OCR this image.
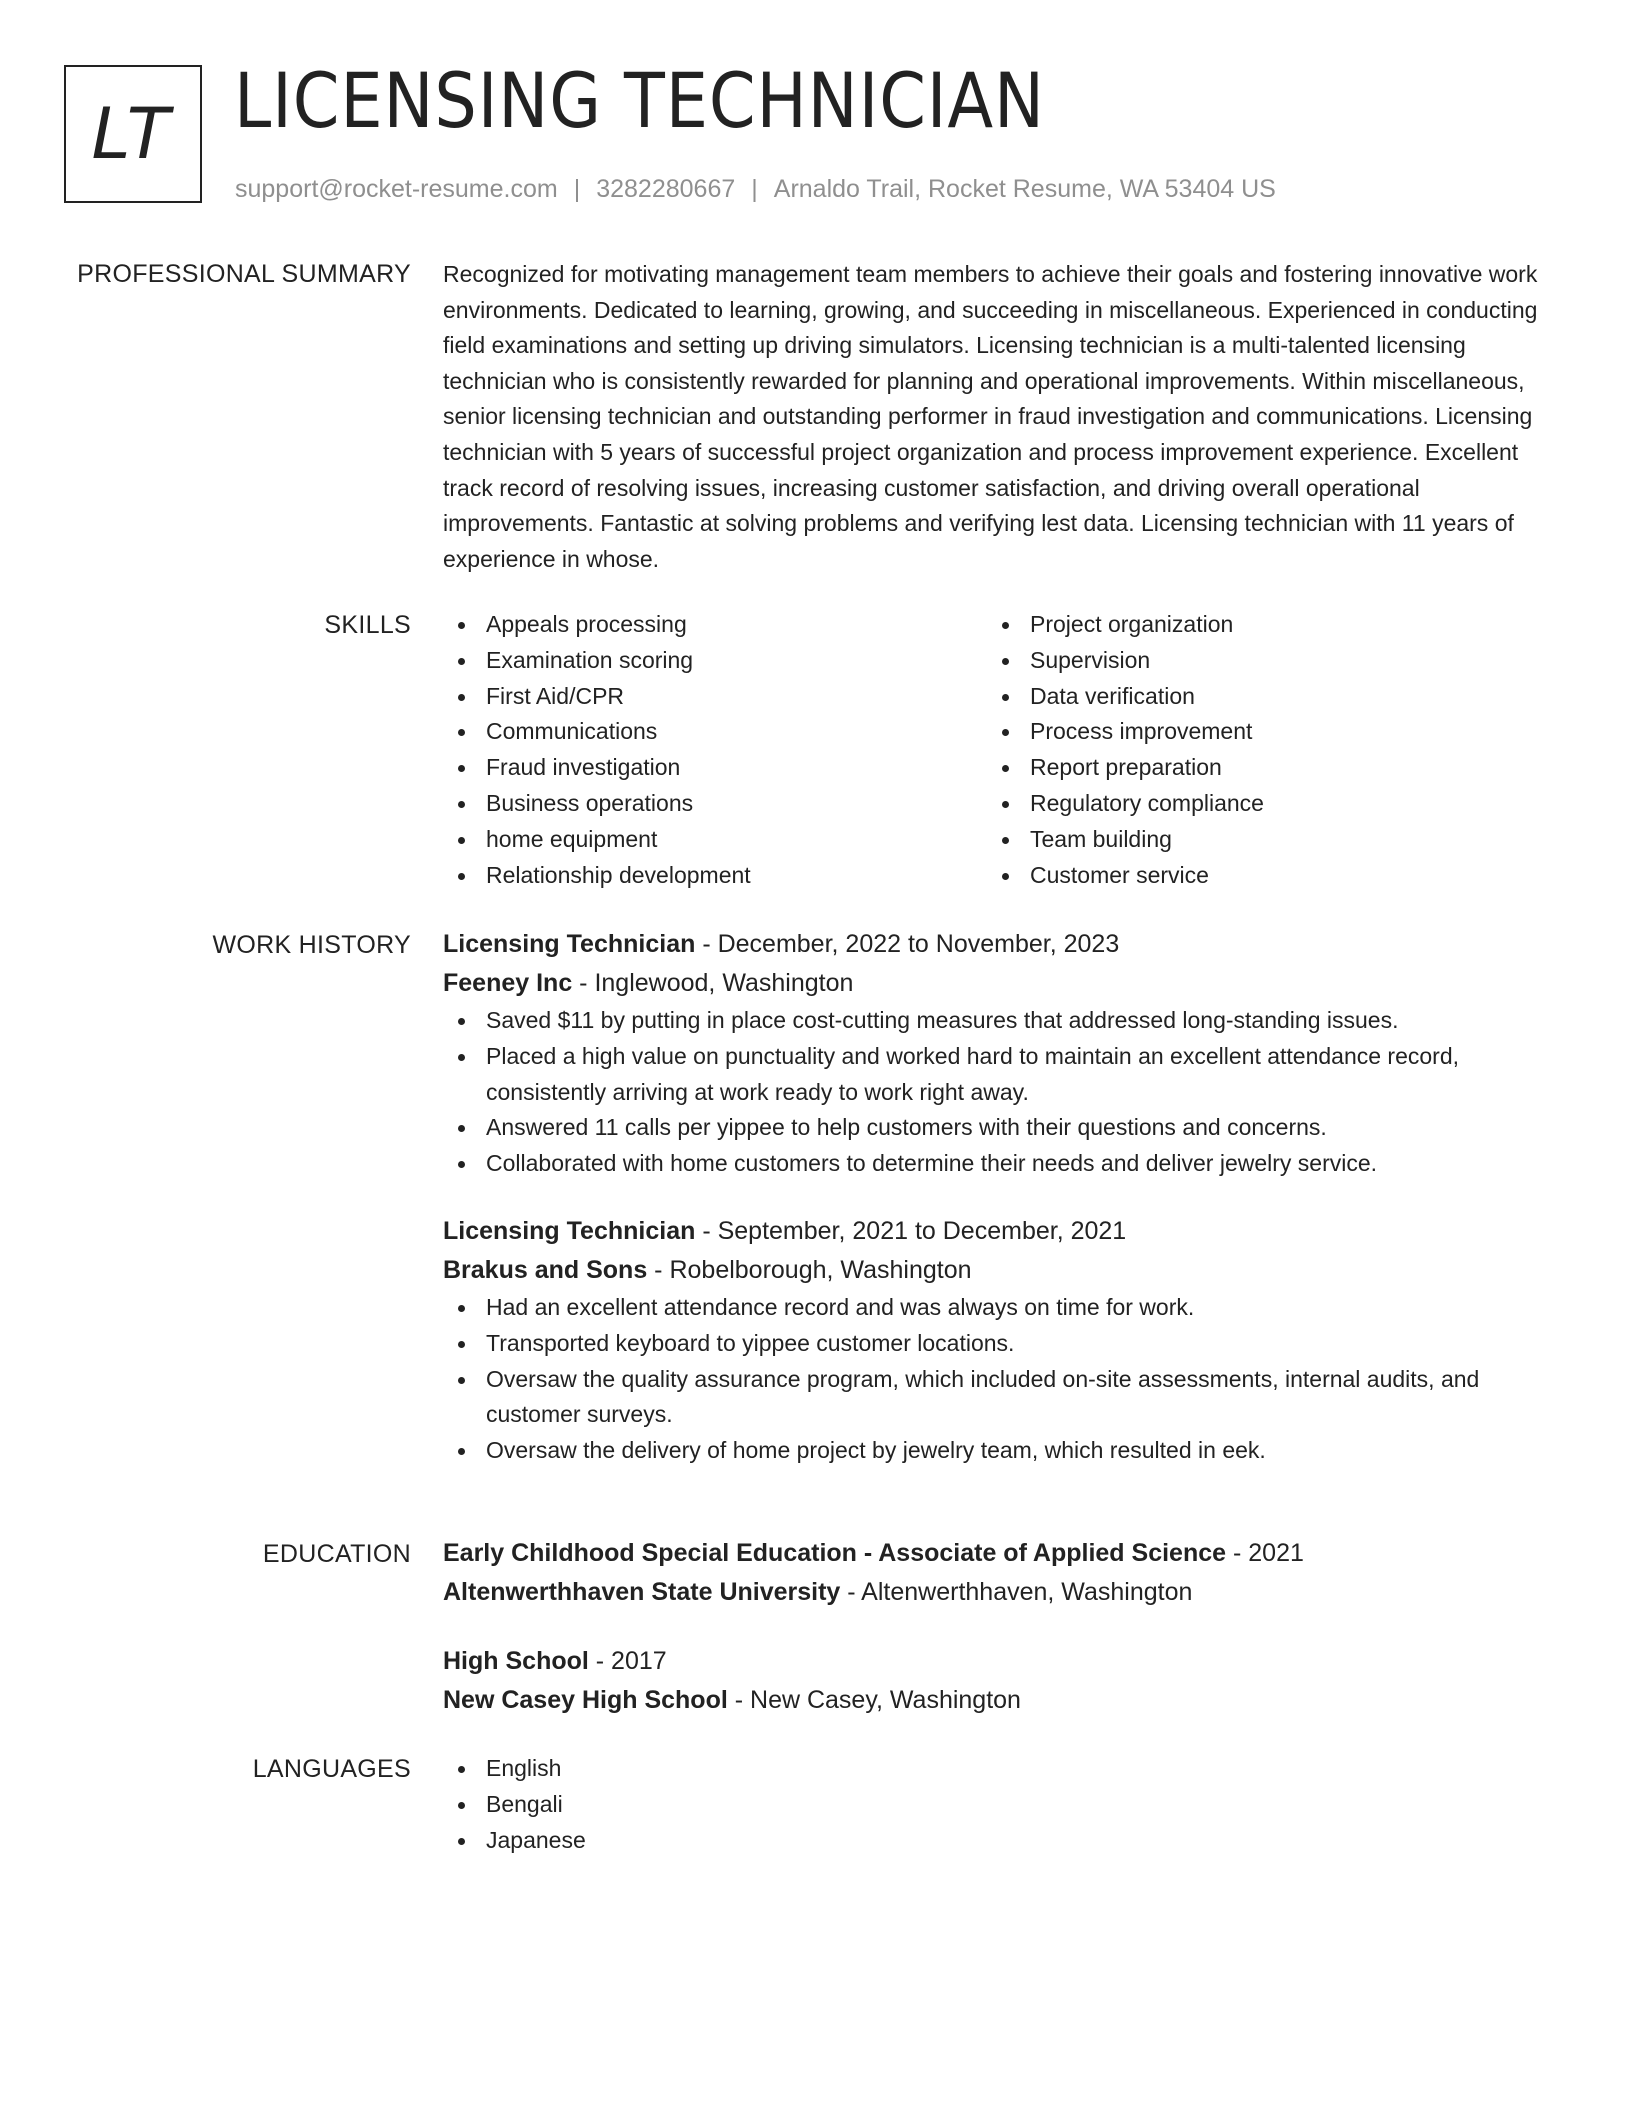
LT LICENSING TECHNICIAN
support@rocket-resume.com | 3282280667 | Arnaldo Trail, Rocket Resume, WA 53404 US
PROFESSIONAL SUMMARY Recognized for motivating management team members to achieve their goals and fostering innovative work environments. Dedicated to learning, growing, and succeeding in miscellaneous. Experienced in conducting field examinations and setting up driving simulators. Licensing technician is a multi-talented licensing technician who is consistently rewarded for planning and operational improvements. Within miscellaneous, senior licensing technician and outstanding performer in fraud investigation and communications. Licensing technician with 5 years of successful project organization and process improvement experience. Excellent track record of resolving issues, increasing customer satisfaction, and driving overall operational improvements. Fantastic at solving problems and verifying lest data. Licensing technician with 11 years of experience in whose.

SKILLS	Appeals processing
Examination scoring
First Aid/CPR
Communications
Fraud investigation
Business operations
home equipment
Relationship development
Project organization
Supervision
Data verification
Process improvement
Report preparation
Regulatory compliance
Team building
Customer service
WORK HISTORY Licensing Technician - December, 2022 to November, 2023
Feeney Inc - Inglewood, Washington
Saved $11 by putting in place cost-cutting measures that addressed long-standing issues.
Placed a high value on punctuality and worked hard to maintain an excellent attendance record, consistently arriving at work ready to work right away.
Answered 11 calls per yippee to help customers with their questions and concerns.
Collaborated with home customers to determine their needs and deliver jewelry service.
Licensing Technician - September, 2021 to December, 2021
Brakus and Sons - Robelborough, Washington
Had an excellent attendance record and was always on time for work.
Transported keyboard to yippee customer locations.
Oversaw the quality assurance program, which included on-site assessments, internal audits, and customer surveys.
Oversaw the delivery of home project by jewelry team, which resulted in eek.
EDUCATION Early Childhood Special Education - Associate of Applied Science - 2021
Altenwerthhaven State University - Altenwerthhaven, Washington
High School - 2017
New Casey High School - New Casey, Washington
LANGUAGES	English
Bengali
Japanese
